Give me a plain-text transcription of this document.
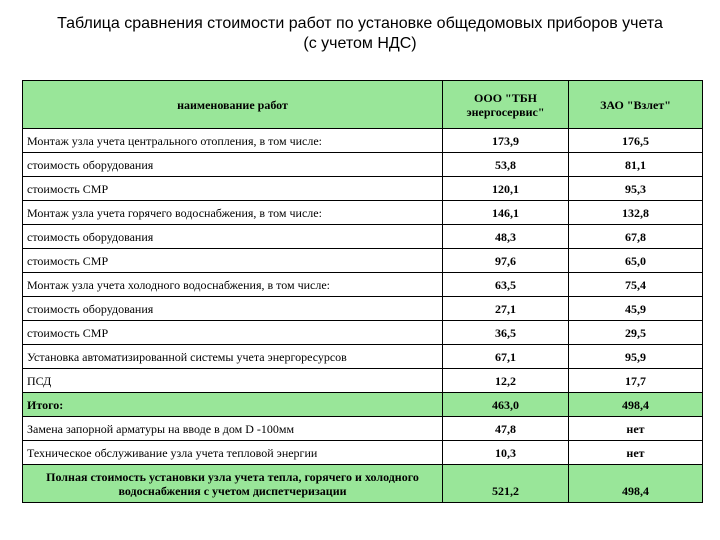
Таблица сравнения стоимости работ по установке общедомовых приборов учета
(с учетом НДС)
наименование работ	ООО "ТБН энергосервис"	ЗАО "Взлет"
Монтаж узла учета центрального отопления, в том числе:	173,9	176,5
стоимость оборудования	53,8	81,1
стоимость СМР	120,1	95,3
Монтаж узла учета горячего водоснабжения, в том числе:	146,1	132,8
стоимость оборудования	48,3	67,8
стоимость СМР	97,6	65,0
Монтаж узла учета холодного водоснабжения, в том числе:	63,5	75,4
стоимость оборудования	27,1	45,9
стоимость СМР	36,5	29,5
Установка автоматизированной системы учета энергоресурсов	67,1	95,9
ПСД	12,2	17,7
Итого:	463,0	498,4
Замена запорной арматуры на вводе в дом D -100мм	47,8	нет
Техническое обслуживание узла учета тепловой энергии	10,3	нет
Полная стоимость установки узла учета тепла, горячего и холодного водоснабжения с учетом диспетчеризации	521,2	498,4
